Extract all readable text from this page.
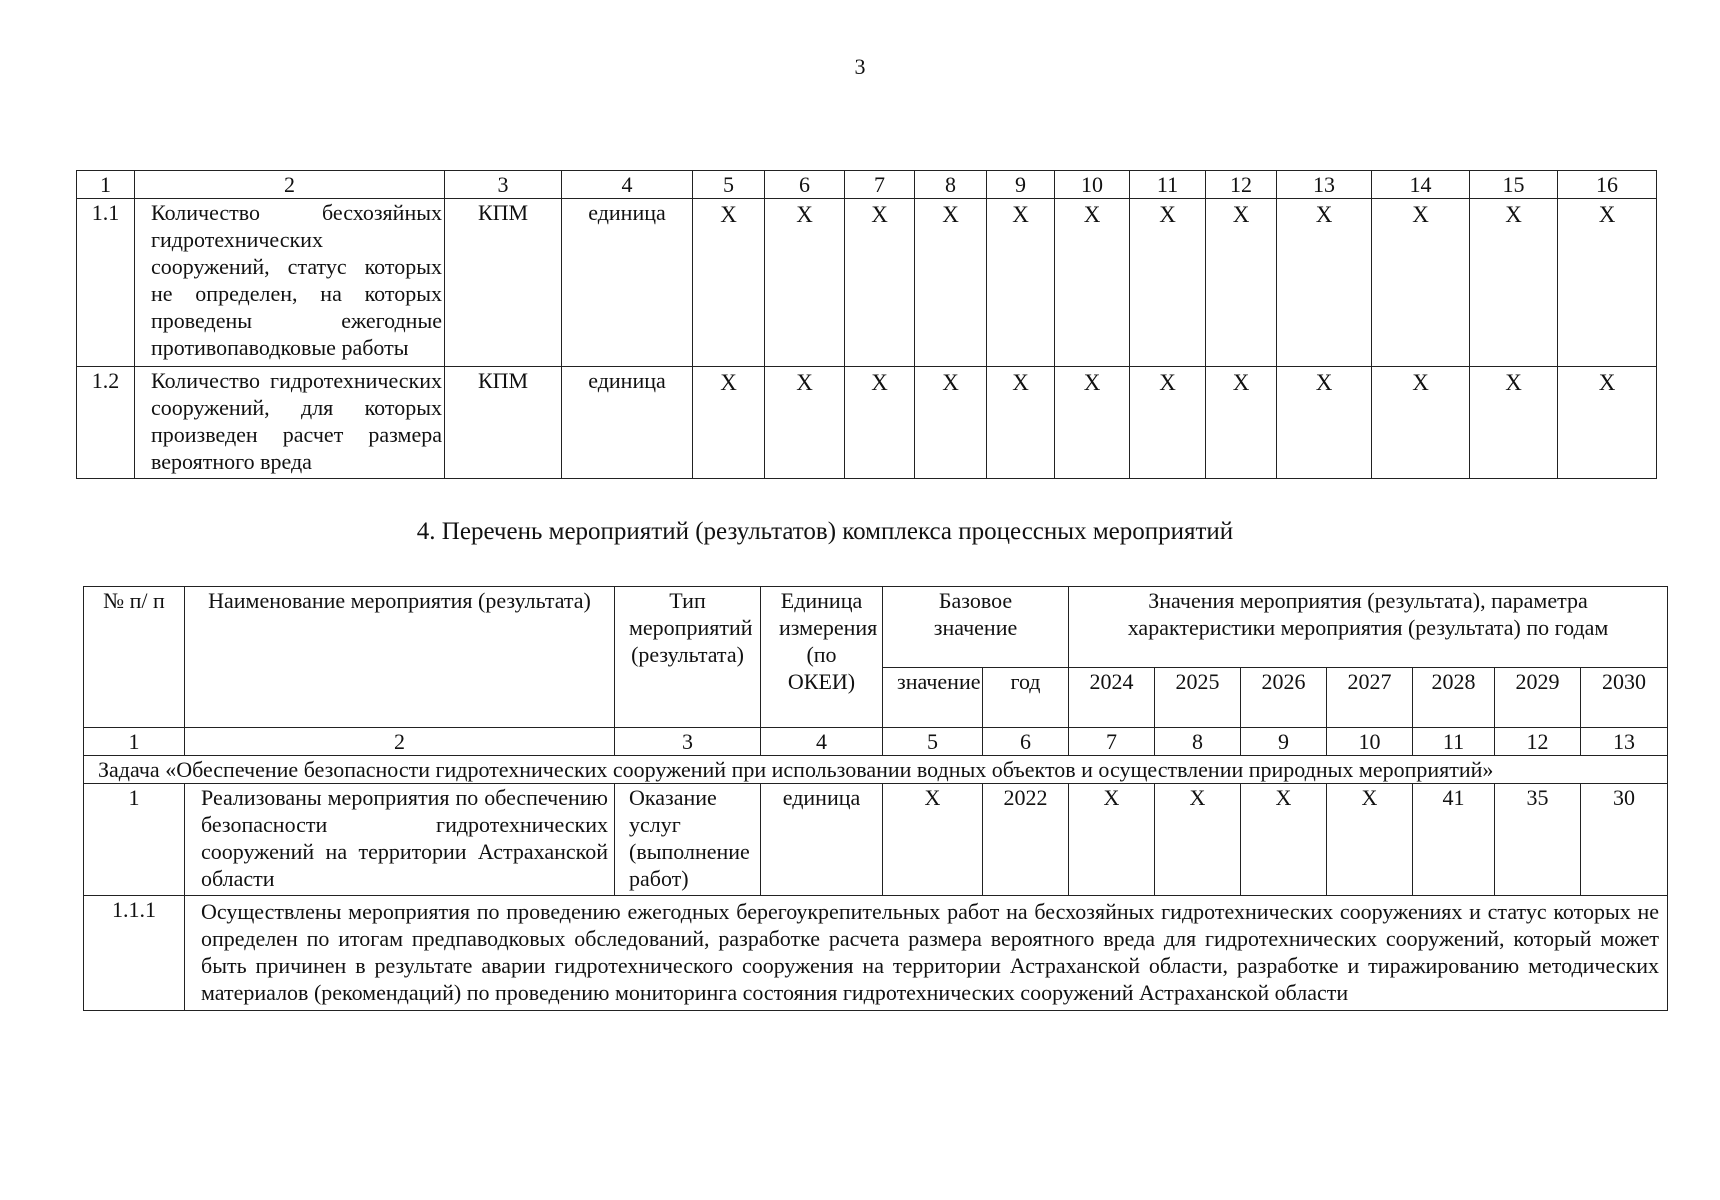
3
1	2	3	4	5	6	7	8	9	10	11	12	13	14	15	16
1.1	Количество бесхозяйных гидротехнических сооружений, статус которых не определен, на которых проведены ежегодные противопаводковые работы	КПМ	единица	X	X	X	X	X	X	X	X	X	X	X	X
1.2	Количество гидротехнических сооружений, для которых произведен расчет размера вероятного вреда	КПМ	единица	X	X	X	X	X	X	X	X	X	X	X	X
4. Перечень мероприятий (результатов) комплекса процессных мероприятий
№ п/ п	Наименование мероприятия (результата)	Тип мероприятий (результата)	Единица измерения (по ОКЕИ)	Базовое значение		Значения мероприятия (результата), параметра характеристики мероприятия (результата) по годам						
				значение	год	2024	2025	2026	2027	2028	2029	2030
1	2	3	4	5	6	7	8	9	10	11	12	13
Задача «Обеспечение безопасности гидротехнических сооружений при использовании водных объектов и осуществлении природных мероприятий»												
1	Реализованы мероприятия по обеспечению безопасности гидротехнических сооружений на территории Астраханской области	Оказание услуг (выполнение работ)	единица	X	2022	X	X	X	X	41	35	30
1.1.1	Осуществлены мероприятия по проведению ежегодных берегоукрепительных работ на бесхозяйных гидротехнических сооружениях и статус которых не определен по итогам предпаводковых обследований, разработке расчета размера вероятного вреда для гидротехнических сооружений, который может быть причинен в результате аварии гидротехнического сооружения на территории Астраханской области, разработке и тиражированию методических материалов (рекомендаций) по проведению мониторинга состояния гидротехнических сооружений Астраханской области											
